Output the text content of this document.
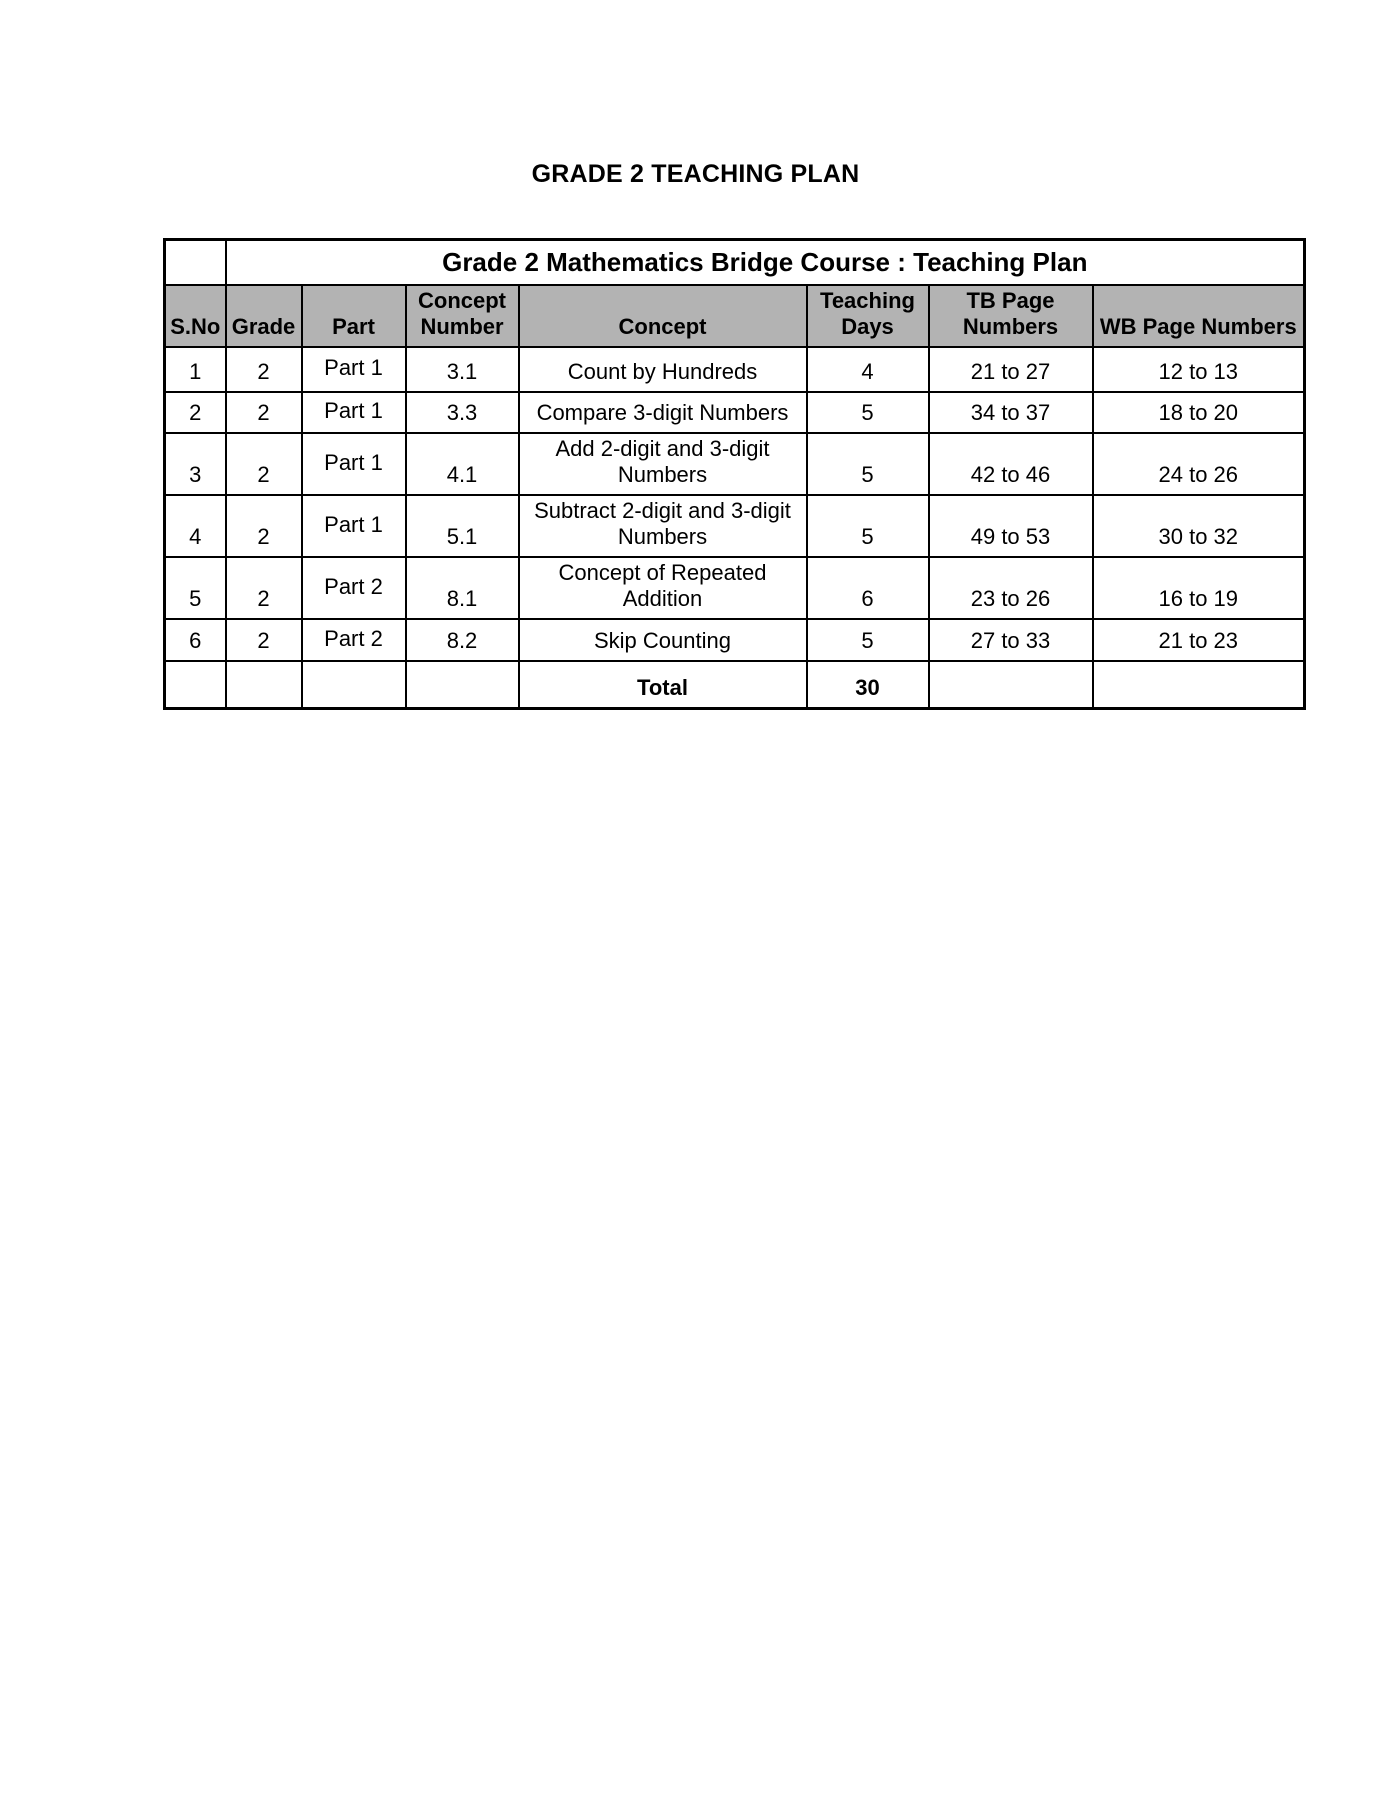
GRADE 2 TEACHING PLAN
	Grade 2 Mathematics Bridge Course : Teaching Plan						
S.No	Grade	Part	Concept Number	Concept	Teaching Days	TB Page Numbers	WB Page Numbers
1	2	Part 1	3.1	Count by Hundreds	4	21 to 27	12 to 13
2	2	Part 1	3.3	Compare 3-digit Numbers	5	34 to 37	18 to 20
3	2	Part 1	4.1	Add 2-digit and 3-digit Numbers	5	42 to 46	24 to 26
4	2	Part 1	5.1	Subtract 2-digit and 3-digit Numbers	5	49 to 53	30 to 32
5	2	Part 2	8.1	Concept of Repeated Addition	6	23 to 26	16 to 19
6	2	Part 2	8.2	Skip Counting	5	27 to 33	21 to 23
				Total	30		
